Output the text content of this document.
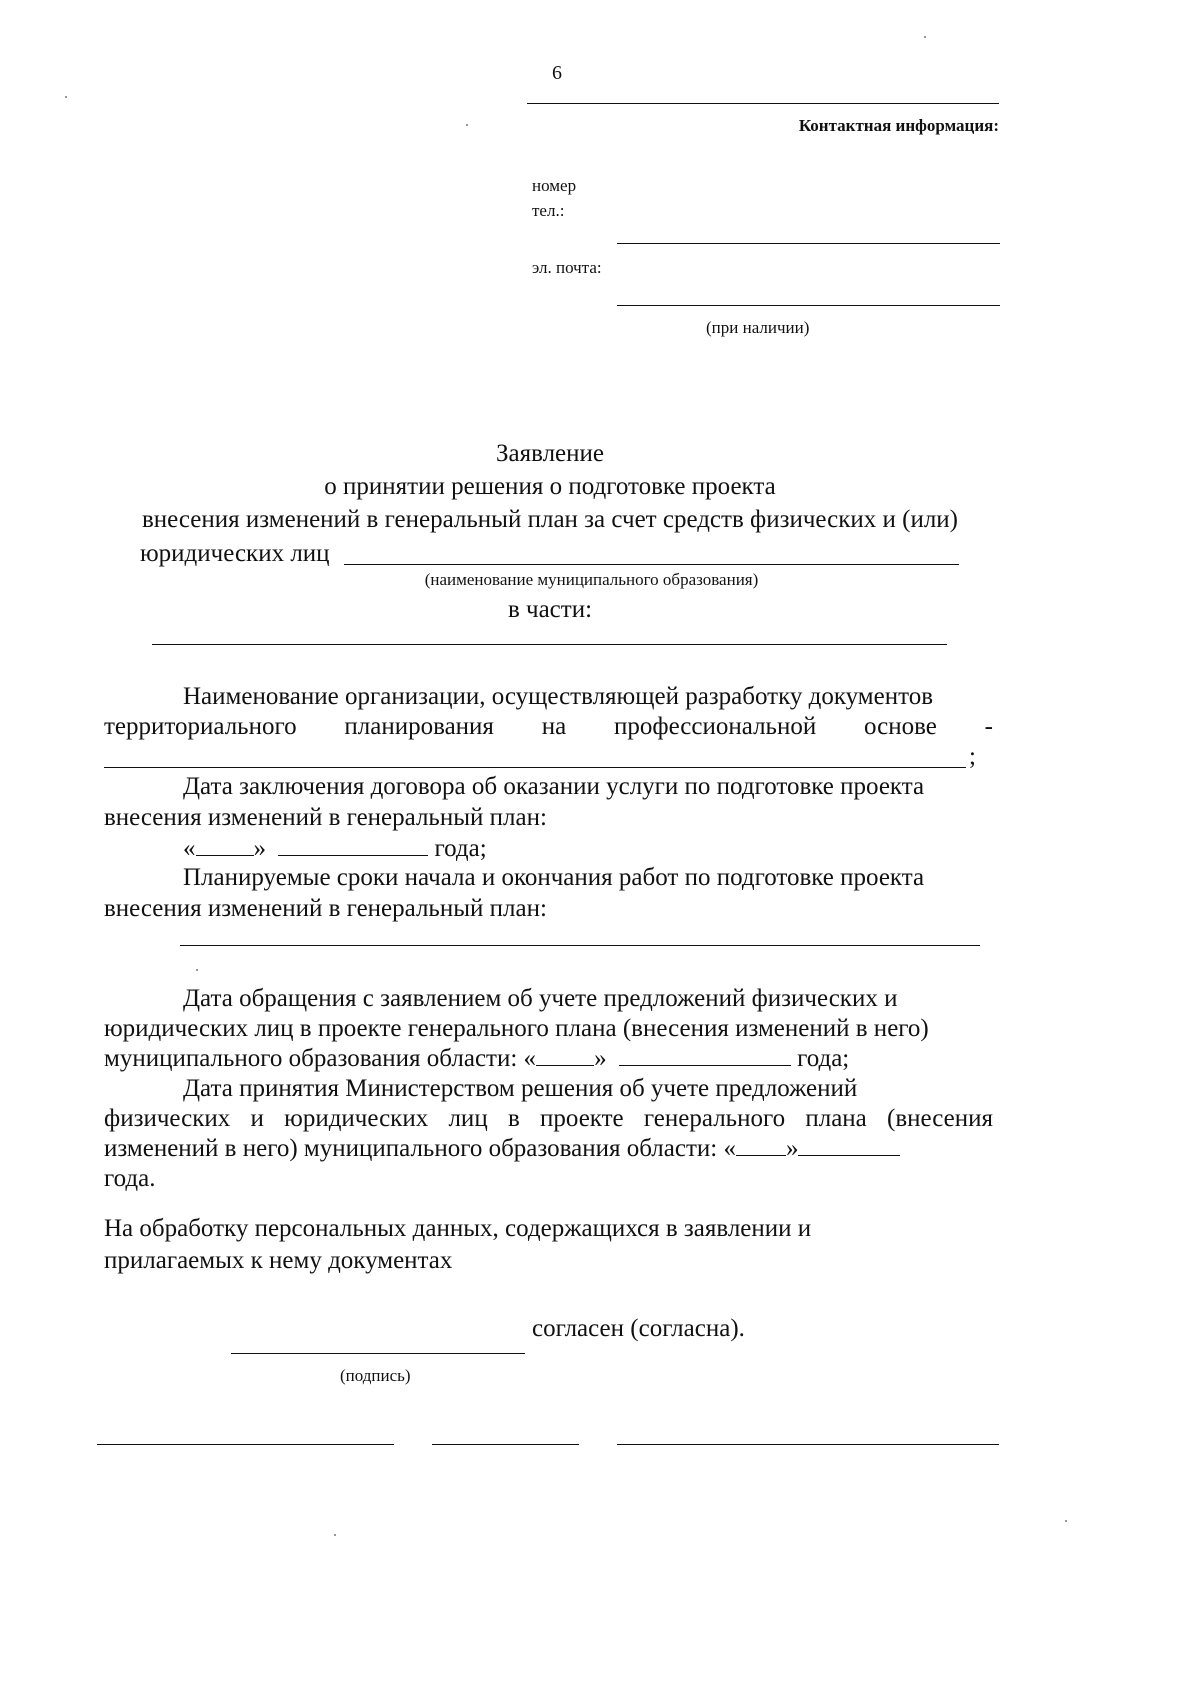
6
Контактная информация:
номер
тел.:
эл. почта:
(при наличии)
Заявление
о принятии решения о подготовке проекта
внесения изменений в генеральный план за счет средств физических и (или)
юридических лиц
(наименование муниципального образования)
в части:
Наименование организации, осуществляющей разработку документов
территориального планирования на профессиональной основе -
;
Дата заключения договора об оказании услуги по подготовке проекта
внесения изменений в генеральный план:
« »	года;
Планируемые сроки начала и окончания работ по подготовке проекта
внесения изменений в генеральный план:
Дата обращения с заявлением об учете предложений физических и
юридических лиц в проекте генерального плана (внесения изменений в него)
муниципального образования области: « »	года;
Дата принятия Министерством решения об учете предложений
физических и юридических лиц в проекте генерального плана (внесения
изменений в него) муниципального образования области: « »
года.
На обработку персональных данных, содержащихся в заявлении и
прилагаемых к нему документах
согласен (согласна).
(подпись)
